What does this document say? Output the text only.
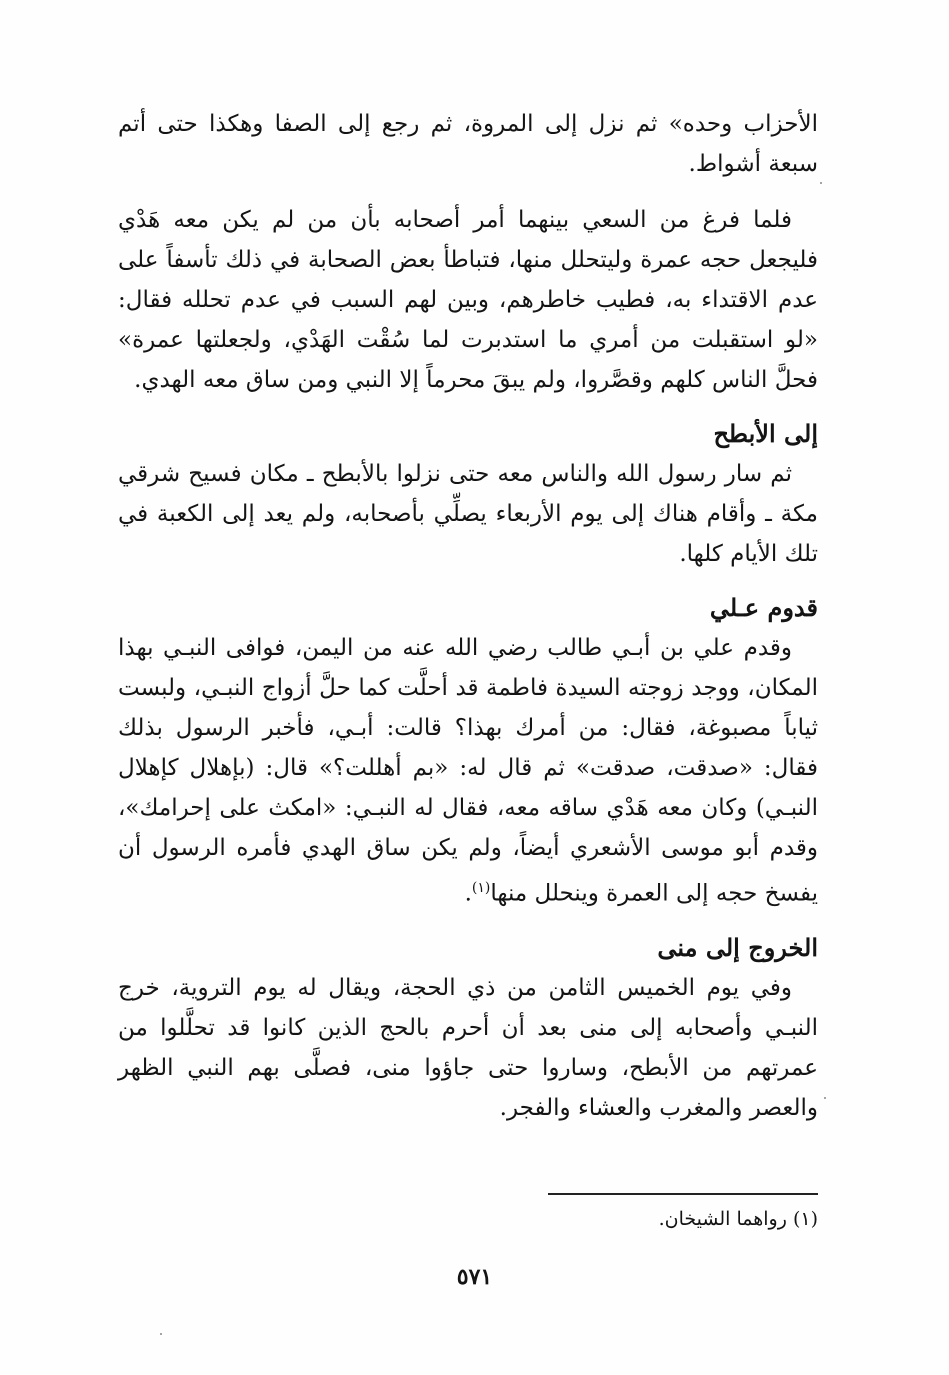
الأحزاب وحده» ثم نزل إلى المروة، ثم رجع إلى الصفا وهكذا حتى أتم سبعة أشواط.

فلما فرغ من السعي بينهما أمر أصحابه بأن من لم يكن معه هَدْي فليجعل حجه عمرة وليتحلل منها، فتباطأ بعض الصحابة في ذلك تأسفاً على عدم الاقتداء به، فطيب خاطرهم، وبين لهم السبب في عدم تحلله فقال: «لو استقبلت من أمري ما استدبرت لما سُقْت الهَدْي، ولجعلتها عمرة» فحلَّ الناس كلهم وقصَّروا، ولم يبقَ محرماً إلا النبي ومن ساق معه الهدي.

إلى الأبطح

ثم سار رسول الله والناس معه حتى نزلوا بالأبطح ـ مكان فسيح شرقي مكة ـ وأقام هناك إلى يوم الأربعاء يصلِّي بأصحابه، ولم يعد إلى الكعبة في تلك الأيام كلها.

قدوم عـلي

وقدم علي بن أبـي طالب رضي الله عنه من اليمن، فوافى النبـي بهذا المكان، ووجد زوجته السيدة فاطمة قد أحلَّت كما حلَّ أزواج النبـي، ولبست ثياباً مصبوغة، فقال: من أمرك بهذا؟ قالت: أبـي، فأخبر الرسول بذلك فقال: «صدقت، صدقت» ثم قال له: «بم أهللت؟» قال: (بإهلال كإهلال النبـي) وكان معه هَدْي ساقه معه، فقال له النبـي: «امكث على إحرامك»، وقدم أبو موسى الأشعري أيضاً، ولم يكن ساق الهدي فأمره الرسول أن يفسخ حجه إلى العمرة وينحلل منها$^{(١)}$.

الخروج إلى منى

وفي يوم الخميس الثامن من ذي الحجة، ويقال له يوم التروية، خرج النبـي وأصحابه إلى منى بعد أن أحرم بالحج الذين كانوا قد تحلَّلوا من عمرتهم من الأبطح، وساروا حتى جاؤوا منى، فصلَّى بهم النبي الظهر والعصر والمغرب والعشاء والفجر.

(١) رواهما الشيخان.
٥٧١
